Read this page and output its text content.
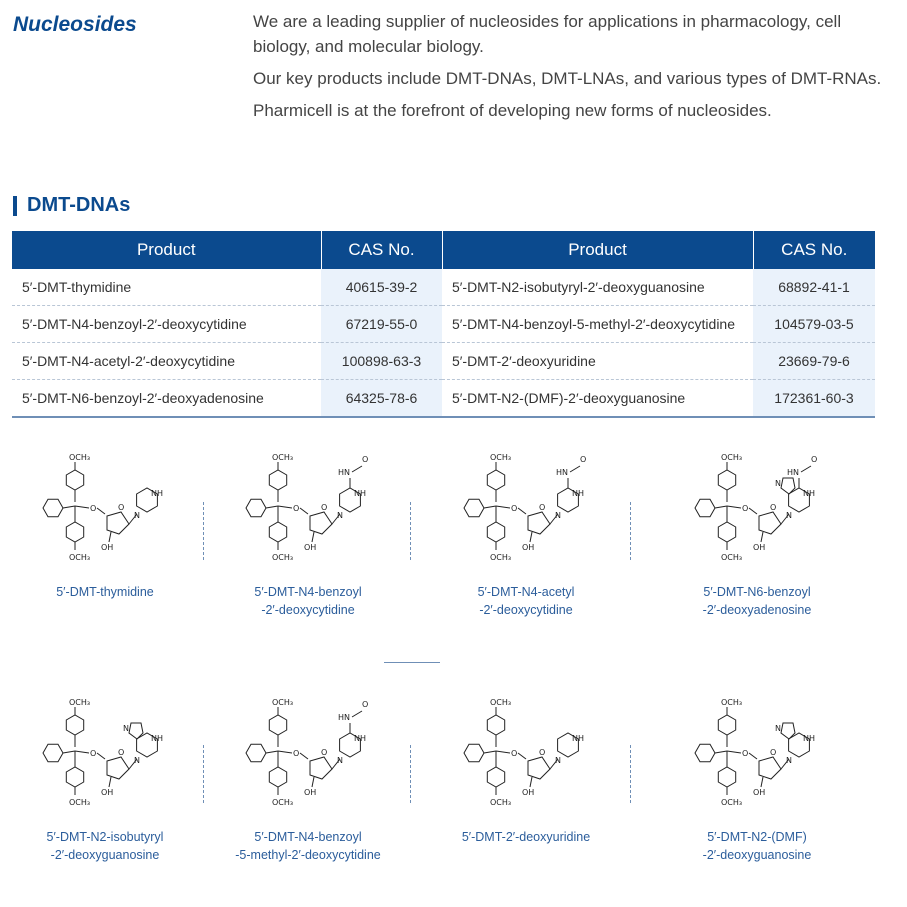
Nucleosides	We are a leading supplier of nucleosides for applications in pharmacology, cell biology, and molecular biology.

Our key products include DMT-DNAs, DMT-LNAs, and various types of DMT-RNAs.

Pharmicell is at the forefront of developing new forms of nucleosides.

DMT-DNAs
Product	CAS No.	Product	CAS No.
5′-DMT-thymidine	40615-39-2	5′-DMT-N2-isobutyryl-2′-deoxyguanosine	68892-41-1
5′-DMT-N4-benzoyl-2′-deoxycytidine	67219-55-0	5′-DMT-N4-benzoyl-5-methyl-2′-deoxycytidine	104579-03-5
5′-DMT-N4-acetyl-2′-deoxycytidine	100898-63-3	5′-DMT-2′-deoxyuridine	23669-79-6
5′-DMT-N6-benzoyl-2′-deoxyadenosine	64325-78-6	5′-DMT-N2-(DMF)-2′-deoxyguanosine	172361-60-3
OCH₃
OCH₃
O	O
OH
N
NH
5′-DMT-thymidine
OCH₃
OCH₃
O	O
OH
N
NH
HN
O
5′-DMT-N4-benzoyl
-2′-deoxycytidine
OCH₃
OCH₃
O	O
OH
N
NH
HN
O
5′-DMT-N4-acetyl
-2′-deoxycytidine
OCH₃
OCH₃
O	O
OH
N
NH
N
HN
O
5′-DMT-N6-benzoyl
-2′-deoxyadenosine
OCH₃
OCH₃
O	O
OH
N
NH
N
5′-DMT-N2-isobutyryl
-2′-deoxyguanosine
OCH₃
OCH₃
O	O
OH
N
NH
HN
O
5′-DMT-N4-benzoyl
-5-methyl-2′-deoxycytidine
OCH₃
OCH₃
O	O
OH
N
NH
5′-DMT-2′-deoxyuridine
OCH₃
OCH₃
O	O
OH
N
NH
N
5′-DMT-N2-(DMF)
-2′-deoxyguanosine
